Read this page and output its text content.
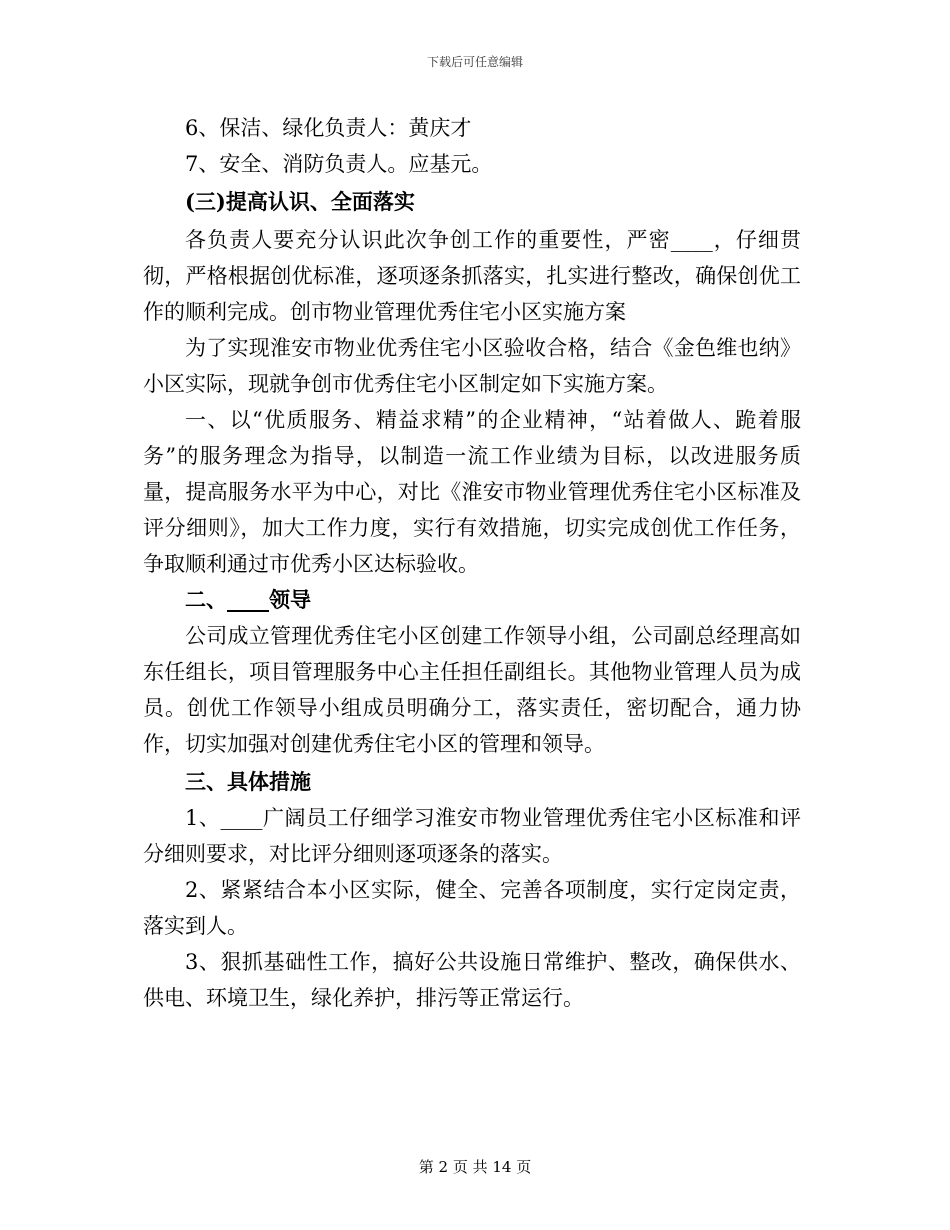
下载后可任意编辑

6、保洁、绿化负责人：黄庆才

7、安全、消防负责人。应基元。

(三)提高认识、全面落实

各负责人要充分认识此次争创工作的重要性，严密____，仔细贯彻，严格根据创优标准，逐项逐条抓落实，扎实进行整改，确保创优工作的顺利完成。创市物业管理优秀住宅小区实施方案

为了实现淮安市物业优秀住宅小区验收合格，结合《金色维也纳》小区实际，现就争创市优秀住宅小区制定如下实施方案。

一、以“优质服务、精益求精”的企业精神，“站着做人、跪着服务”的服务理念为指导，以制造一流工作业绩为目标，以改进服务质量，提高服务水平为中心，对比《淮安市物业管理优秀住宅小区标准及评分细则》，加大工作力度，实行有效措施，切实完成创优工作任务，争取顺利通过市优秀小区达标验收。

二、____领导

公司成立管理优秀住宅小区创建工作领导小组，公司副总经理高如东任组长，项目管理服务中心主任担任副组长。其他物业管理人员为成员。创优工作领导小组成员明确分工，落实责任，密切配合，通力协作，切实加强对创建优秀住宅小区的管理和领导。

三、具体措施

1、____广阔员工仔细学习淮安市物业管理优秀住宅小区标准和评分细则要求，对比评分细则逐项逐条的落实。

2、紧紧结合本小区实际，健全、完善各项制度，实行定岗定责，落实到人。

3、狠抓基础性工作，搞好公共设施日常维护、整改，确保供水、供电、环境卫生，绿化养护，排污等正常运行。

第 2 页 共 14 页
